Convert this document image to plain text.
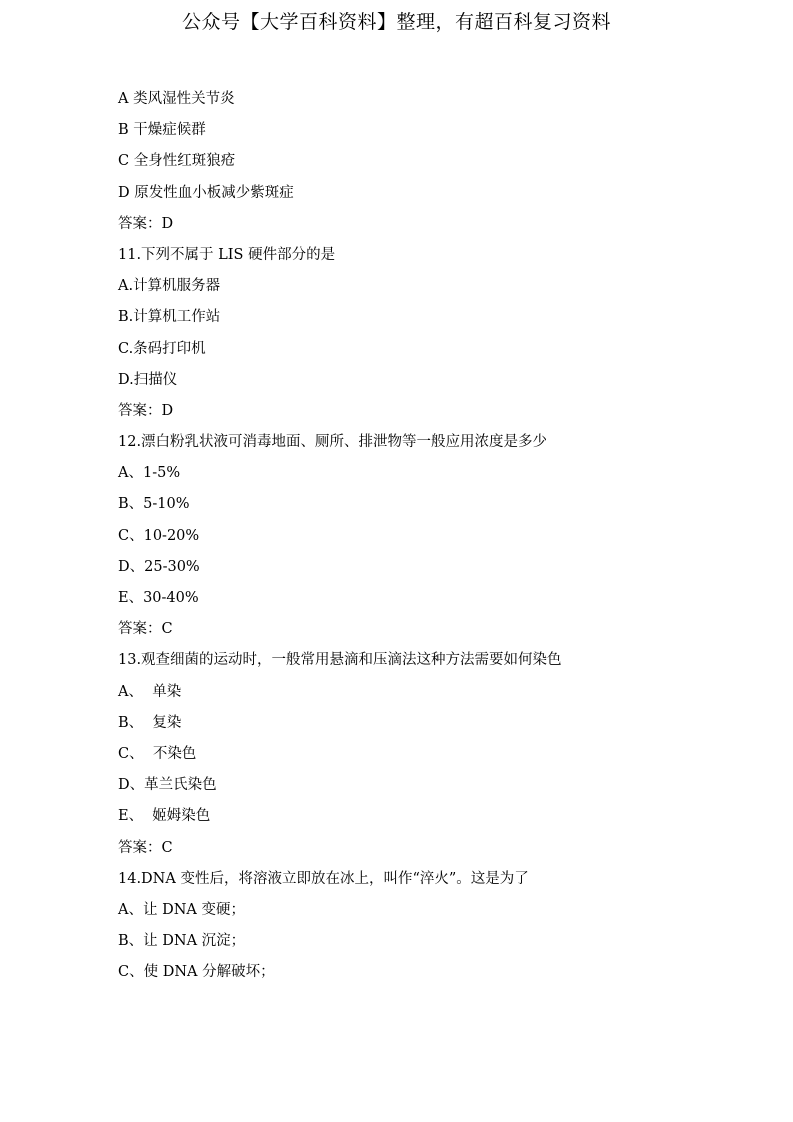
公众号【大学百科资料】整理，有超百科复习资料
A 类风湿性关节炎
B 干燥症候群
C 全身性红斑狼疮
D 原发性血小板减少紫斑症
答案：D
11.下列不属于 LIS 硬件部分的是
A.计算机服务器
B.计算机工作站
C.条码打印机
D.扫描仪
答案：D
12.漂白粉乳状液可消毒地面、厕所、排泄物等一般应用浓度是多少
A、1-5%
B、5-10%
C、10-20%
D、25-30%
E、30-40%
答案：C
13.观查细菌的运动时，一般常用悬滴和压滴法这种方法需要如何染色
A、  单染
B、  复染
C、  不染色
D、革兰氏染色
E、  姬姆染色
答案：C
14.DNA 变性后，将溶液立即放在冰上，叫作“淬火”。这是为了
A、让 DNA 变硬；
B、让 DNA 沉淀；
C、使 DNA 分解破坏；
